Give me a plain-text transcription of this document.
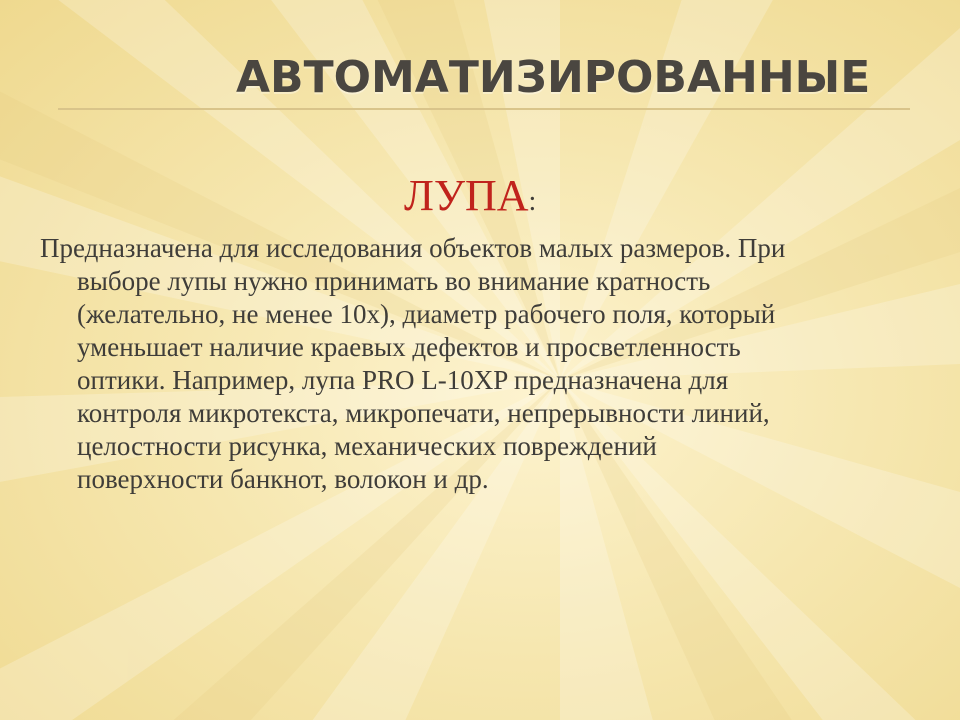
АВТОМАТИЗИРОВАННЫЕ
ЛУПА:

Предназначена для исследования объектов малых размеров. При
выборе лупы нужно принимать во внимание кратность
(желательно, не менее 10х), диаметр рабочего поля, который
уменьшает наличие краевых дефектов и просветленность
оптики. Например, лупа PRO L-10XP предназначена для
контроля микротекста, микропечати, непрерывности линий,
целостности рисунка, механических повреждений
поверхности банкнот, волокон и др.
